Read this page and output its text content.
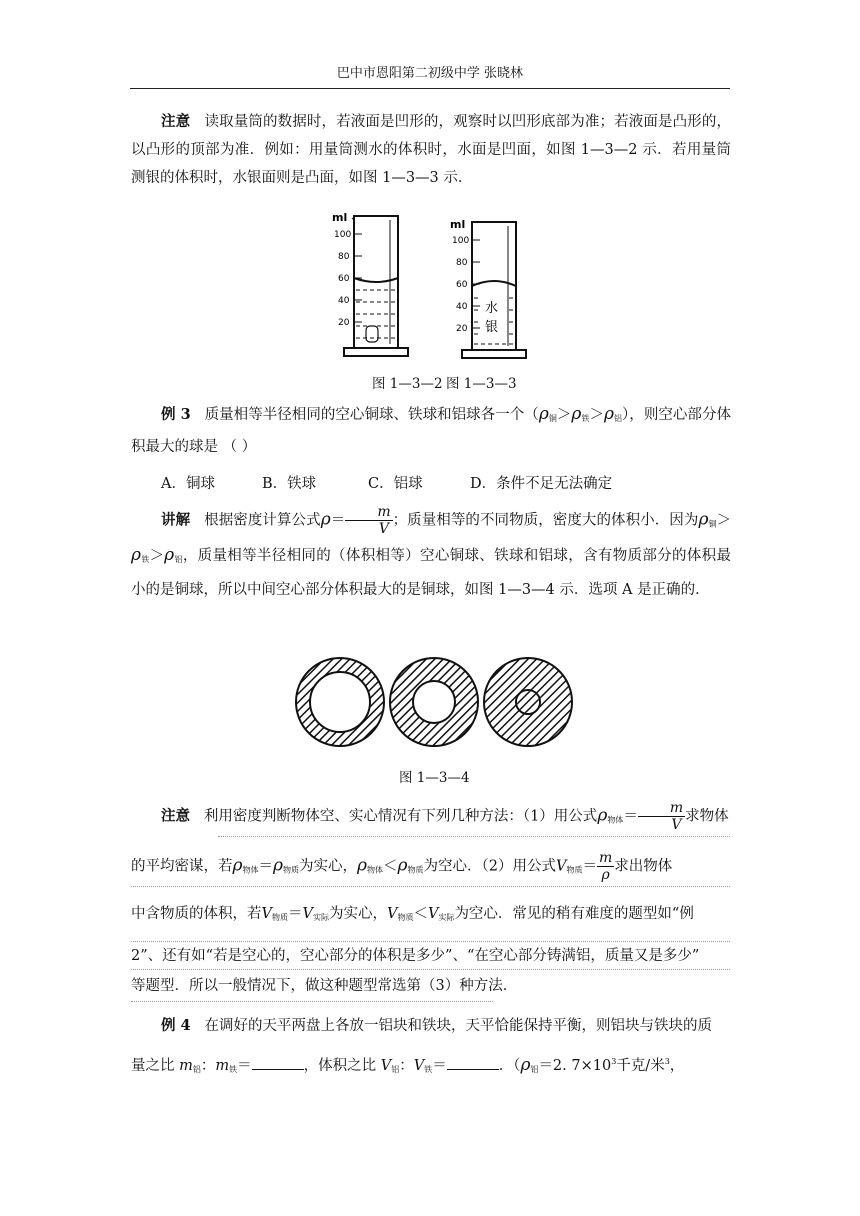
巴中市恩阳第二初级中学 张晓林
注意 读取量筒的数据时，若液面是凹形的，观察时以凹形底部为准；若液面是凸形的，以凸形的顶部为准．例如：用量筒测水的体积时，水面是凹面，如图 1—3—2 示．若用量筒测银的体积时，水银面则是凸面，如图 1—3—3 示．
ml
100
80
60
40
20
ml
100
80
60
40
20
水
银
图 1—3—2 图 1—3—3
例 3 质量相等半径相同的空心铜球、铁球和铝球各一个$(\rho_铜>\rho_铁>\rho_铝)$，则空心部分体积最大的球是 （ ）
A．铜球	B．铁球	C．铝球	D．条件不足无法确定
讲解 根据密度计算公式$\rho= \frac{m}{V}$ ；质量相等的不同物质，密度大的体积小．因为$\rho_铜>\rho_铁>\rho_铝$，质量相等半径相同的（体积相等）空心铜球、铁球和铝球，含有物质部分的体积最小的是铜球，所以中间空心部分体积最大的是铜球，如图 1—3—4 示．选项 A 是正确的．
图 1—3—4
注意 利用密度判断物体空、实心情况有下列几种方法：（1）用公式$\rho_{物体}= \frac{m}{V}$ 求物体
的平均密谋，若$\rho_{物体}=\rho_{物质}$为实心，$\rho_{物体}<\rho_{物质}$为空心．（2）用公式$V_{物质}= \frac{m}{\rho}$ 求出物体
中含物质的体积，若$V_{物质}=V_{实际}$为实心，$V_{物质}<V_{实际}$为空心．常见的稍有难度的题型如“例
2”、还有如“若是空心的，空心部分的体积是多少”、“在空心部分铸满铝，质量又是多少”
等题型．所以一般情况下，做这种题型常选第（3）种方法．
例 4 在调好的天平两盘上各放一铝块和铁块，天平恰能保持平衡，则铝块与铁块的质
量之比 $m_铝$：$m_铁=$	，体积之比 $V_铝$：$V_铁=$	．（$\rho_铝=2$. $7\times 10^3$千克/米$^3$，
